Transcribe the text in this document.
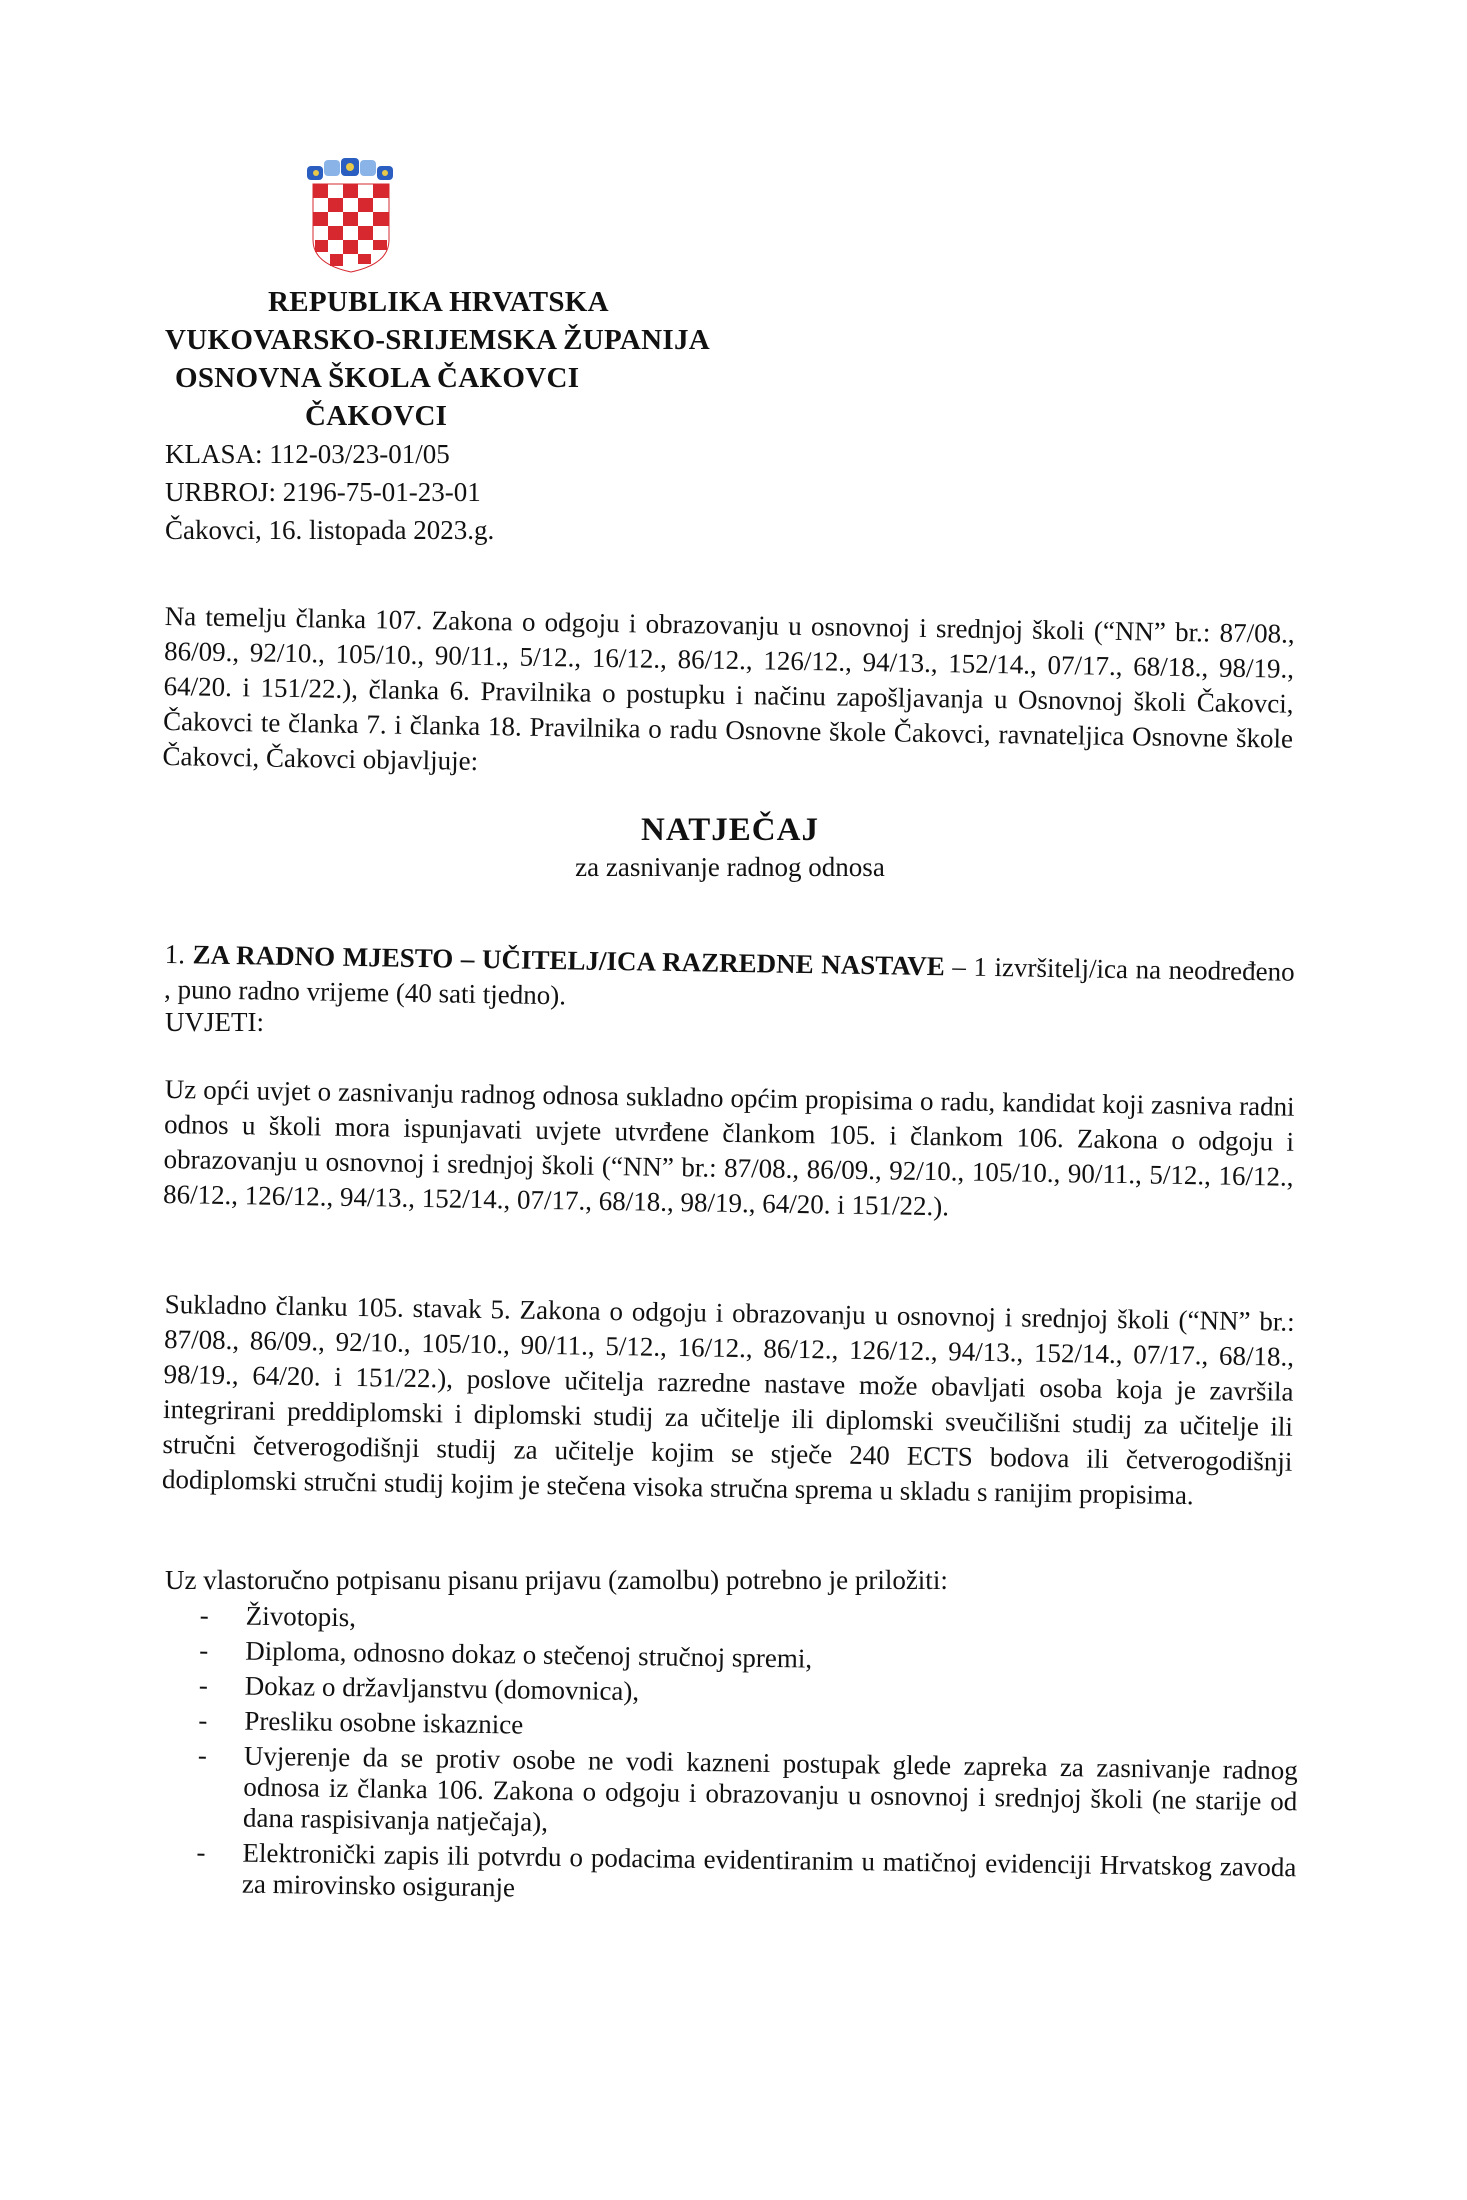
REPUBLIKA HRVATSKA
VUKOVARSKO-SRIJEMSKA ŽUPANIJA
OSNOVNA ŠKOLA ČAKOVCI
ČAKOVCI
KLASA: 112-03/23-01/05
URBROJ: 2196-75-01-23-01
Čakovci, 16. listopada 2023.g.

Na temelju članka 107. Zakona o odgoju i obrazovanju u osnovnoj i srednjoj školi (“NN” br.: 87/08., 86/09., 92/10., 105/10., 90/11., 5/12., 16/12., 86/12., 126/12., 94/13., 152/14., 07/17., 68/18., 98/19., 64/20. i 151/22.), članka 6. Pravilnika o postupku i načinu zapošljavanja u Osnovnoj školi Čakovci, Čakovci te članka 7. i članka 18. Pravilnika o radu Osnovne škole Čakovci, ravnateljica Osnovne škole Čakovci, Čakovci objavljuje:

NATJEČAJ
za zasnivanje radnog odnosa

1. ZA RADNO MJESTO – UČITELJ/ICA RAZREDNE NASTAVE – 1 izvršitelj/ica na neodređeno , puno radno vrijeme (40 sati tjedno).

UVJETI:

Uz opći uvjet o zasnivanju radnog odnosa sukladno općim propisima o radu, kandidat koji zasniva radni odnos u školi mora ispunjavati uvjete utvrđene člankom 105. i člankom 106. Zakona o odgoju i obrazovanju u osnovnoj i srednjoj školi (“NN” br.: 87/08., 86/09., 92/10., 105/10., 90/11., 5/12., 16/12., 86/12., 126/12., 94/13., 152/14., 07/17., 68/18., 98/19., 64/20. i 151/22.).

Sukladno članku 105. stavak 5. Zakona o odgoju i obrazovanju u osnovnoj i srednjoj školi (“NN” br.: 87/08., 86/09., 92/10., 105/10., 90/11., 5/12., 16/12., 86/12., 126/12., 94/13., 152/14., 07/17., 68/18., 98/19., 64/20. i 151/22.), poslove učitelja razredne nastave može obavljati osoba koja je završila integrirani preddiplomski i diplomski studij za učitelje ili diplomski sveučilišni studij za učitelje ili stručni četverogodišnji studij za učitelje kojim se stječe 240 ECTS bodova ili četverogodišnji dodiplomski stručni studij kojim je stečena visoka stručna sprema u skladu s ranijim propisima.

Uz vlastoručno potpisanu pisanu prijavu (zamolbu) potrebno je priložiti:
- Životopis,
- Diploma, odnosno dokaz o stečenoj stručnoj spremi,
- Dokaz o državljanstvu (domovnica),
- Presliku osobne iskaznice
- Uvjerenje da se protiv osobe ne vodi kazneni postupak glede zapreka za zasnivanje radnog odnosa iz članka 106. Zakona o odgoju i obrazovanju u osnovnoj i srednjoj školi (ne starije od dana raspisivanja natječaja),
- Elektronički zapis ili potvrdu o podacima evidentiranim u matičnoj evidenciji Hrvatskog zavoda za mirovinsko osiguranje
